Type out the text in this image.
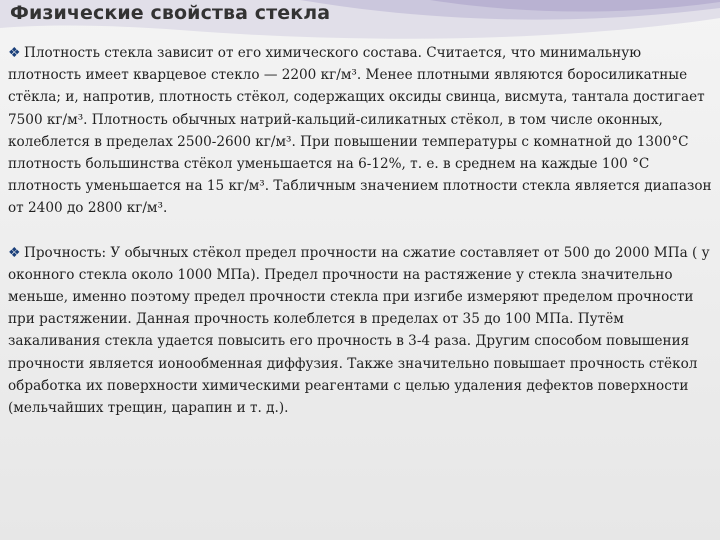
Физические свойства стекла

❖ Плотность стекла зависит от его химического состава. Считается, что минимальную плотность имеет кварцевое стекло — 2200 кг/м³. Менее плотными являются боросиликатные стёкла; и, напротив, плотность стёкол, содержащих оксиды свинца, висмута, тантала достигает 7500 кг/м³. Плотность обычных натрий-кальций-силикатных стёкол, в том числе оконных, колеблется в пределах 2500-2600 кг/м³. При повышении температуры с комнатной до 1300°С плотность большинства стёкол уменьшается на 6-12%, т. е. в среднем на каждые 100 °С плотность уменьшается на 15 кг/м³. Табличным значением плотности стекла является диапазон от 2400 до 2800 кг/м³.

❖ Прочность: У обычных стёкол предел прочности на сжатие составляет от 500 до 2000 МПа ( у оконного стекла около 1000 МПа). Предел прочности на растяжение у стекла значительно меньше, именно поэтому предел прочности стекла при изгибе измеряют пределом прочности при растяжении. Данная прочность колеблется в пределах от 35 до 100 МПа. Путём закаливания стекла удается повысить его прочность в 3-4 раза. Другим способом повышения прочности является ионообменная диффузия. Также значительно повышает прочность стёкол обработка их поверхности химическими реагентами с целью удаления дефектов поверхности (мельчайших трещин, царапин и т. д.).
